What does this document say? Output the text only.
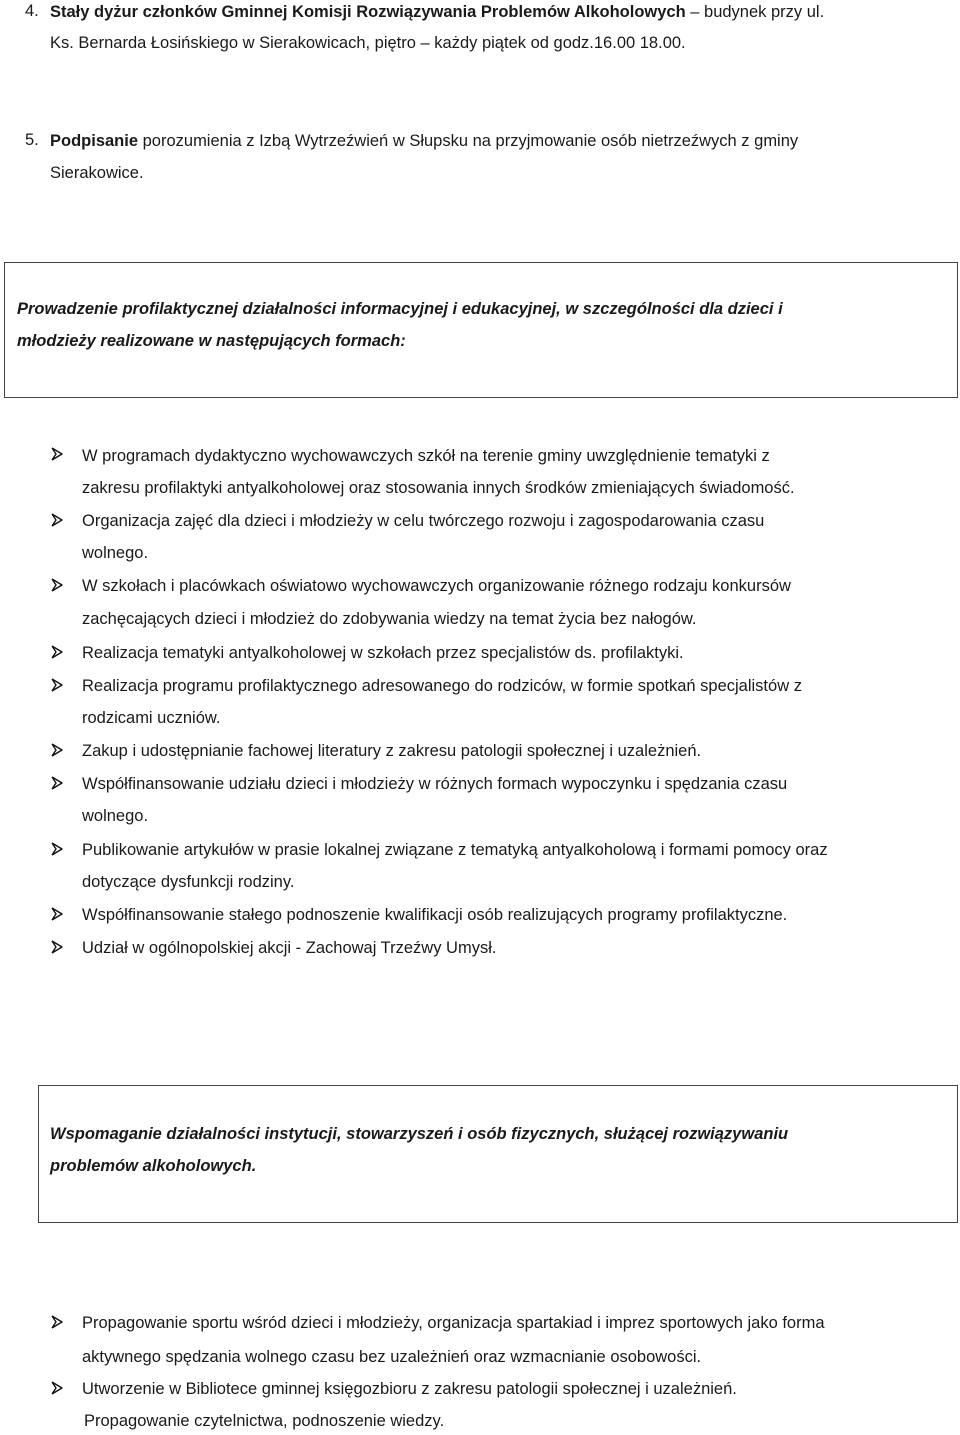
4. Stały dyżur członków Gminnej Komisji Rozwiązywania Problemów Alkoholowych – budynek przy ul.
Ks. Bernarda Łosińskiego w Sierakowicach, piętro – każdy piątek od godz.16.00 18.00.
5. Podpisanie porozumienia z Izbą Wytrzeźwień w Słupsku na przyjmowanie osób nietrzeźwych z gminy
Sierakowice.
Prowadzenie profilaktycznej działalności informacyjnej i edukacyjnej, w szczególności dla dzieci i
młodzieży realizowane w następujących formach:
W programach dydaktyczno wychowawczych szkół na terenie gminy uwzględnienie tematyki z
zakresu profilaktyki antyalkoholowej oraz stosowania innych środków zmieniających świadomość.
Organizacja zajęć dla dzieci i młodzieży w celu twórczego rozwoju i zagospodarowania czasu
wolnego.
W szkołach i placówkach oświatowo wychowawczych organizowanie różnego rodzaju konkursów
zachęcających dzieci i młodzież do zdobywania wiedzy na temat życia bez nałogów.
Realizacja tematyki antyalkoholowej w szkołach przez specjalistów ds. profilaktyki.
Realizacja programu profilaktycznego adresowanego do rodziców, w formie spotkań specjalistów z
rodzicami uczniów.
Zakup i udostępnianie fachowej literatury z zakresu patologii społecznej i uzależnień.
Współfinansowanie udziału dzieci i młodzieży w różnych formach wypoczynku i spędzania czasu
wolnego.
Publikowanie artykułów w prasie lokalnej związane z tematyką antyalkoholową i formami pomocy oraz
dotyczące dysfunkcji rodziny.
Współfinansowanie stałego podnoszenie kwalifikacji osób realizujących programy profilaktyczne.
Udział w ogólnopolskiej akcji - Zachowaj Trzeźwy Umysł.
Wspomaganie działalności instytucji, stowarzyszeń i osób fizycznych, służącej rozwiązywaniu
problemów alkoholowych.
Propagowanie sportu wśród dzieci i młodzieży, organizacja spartakiad i imprez sportowych jako forma
aktywnego spędzania wolnego czasu bez uzależnień oraz wzmacnianie osobowości.
Utworzenie w Bibliotece gminnej księgozbioru z zakresu patologii społecznej i uzależnień.
Propagowanie czytelnictwa, podnoszenie wiedzy.
